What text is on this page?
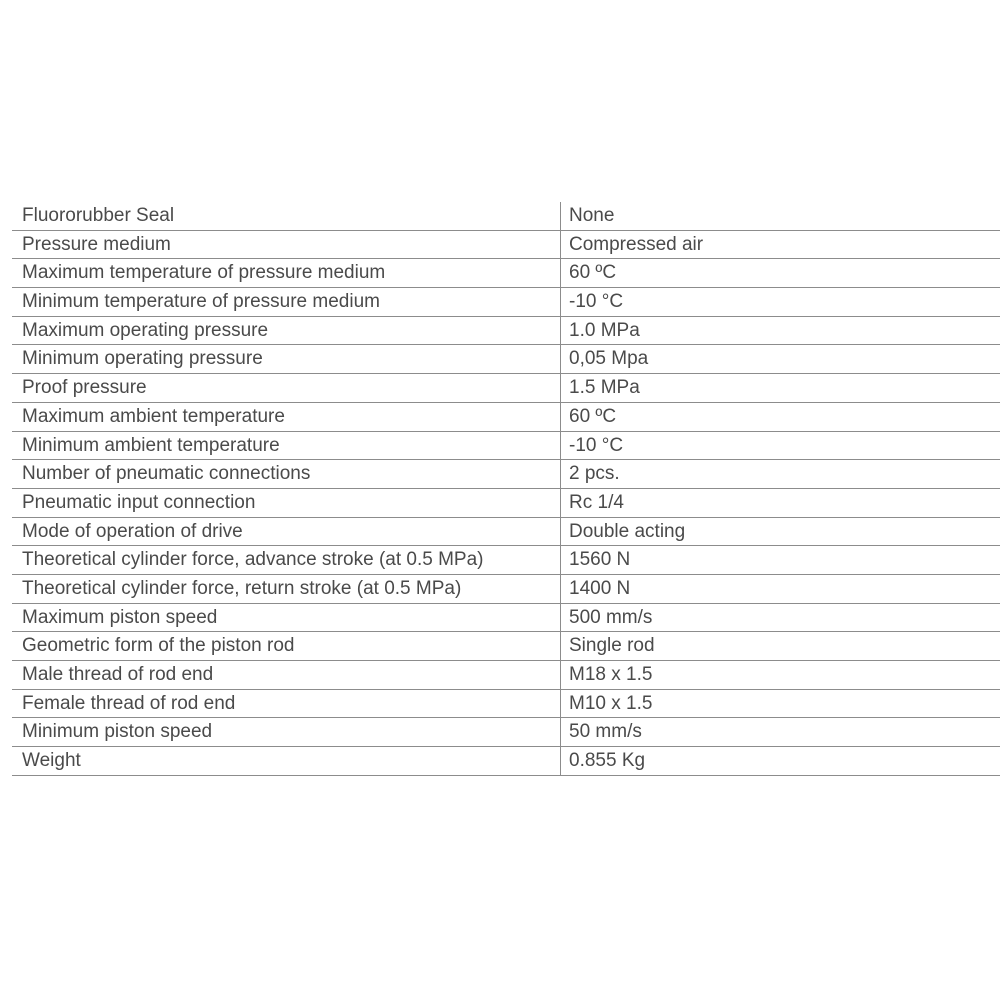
Fluororubber Seal	None
Pressure medium	Compressed air
Maximum temperature of pressure medium	60 ºC
Minimum temperature of pressure medium	-10 °C
Maximum operating pressure	1.0 MPa
Minimum operating pressure	0,05 Mpa
Proof pressure	1.5 MPa
Maximum ambient temperature	60 ºC
Minimum ambient temperature	-10 °C
Number of pneumatic connections	2 pcs.
Pneumatic input connection	Rc 1/4
Mode of operation of drive	Double acting
Theoretical cylinder force, advance stroke (at 0.5 MPa)	1560 N
Theoretical cylinder force, return stroke (at 0.5 MPa)	1400 N
Maximum piston speed	500 mm/s
Geometric form of the piston rod	Single rod
Male thread of rod end	M18 x 1.5
Female thread of rod end	M10 x 1.5
Minimum piston speed	50 mm/s
Weight	0.855 Kg
